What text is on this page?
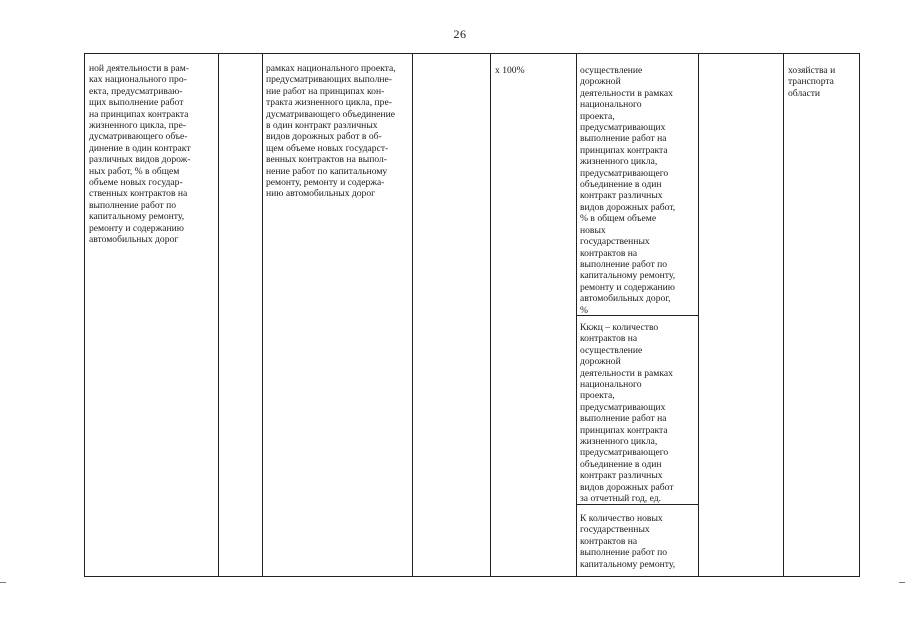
26
ной деятельности в рам-
ках национального про-
екта, предусматриваю-
щих выполнение работ
на принципах контракта
жизненного цикла, пре-
дусматривающего объе-
динение в один контракт
различных видов дорож-
ных работ, % в общем
объеме новых государ-
ственных контрактов на
выполнение работ по
капитальному ремонту,
ремонту и содержанию
автомобильных дорог
рамках национального проекта,
предусматривающих выполне-
ние работ на принципах кон-
тракта жизненного цикла, пре-
дусматривающего объединение
в один контракт различных
видов дорожных работ в об-
щем объеме новых государст-
венных контрактов на выпол-
нение работ по капитальному
ремонту, ремонту и содержа-
нию автомобильных дорог
х 100%	осуществление
дорожной
деятельности в рамках
национального
проекта,
предусматривающих
выполнение работ на
принципах контракта
жизненного цикла,
предусматривающего
объединение в один
контракт различных
видов дорожных работ,
% в общем объеме
новых
государственных
контрактов на
выполнение работ по
капитальному ремонту,
ремонту и содержанию
автомобильных дорог,
%
Ккжц – количество
контрактов на
осуществление
дорожной
деятельности в рамках
национального
проекта,
предусматривающих
выполнение работ на
принципах контракта
жизненного цикла,
предусматривающего
объединение в один
контракт различных
видов дорожных работ
за отчетный год, ед.
К количество новых
государственных
контрактов на
выполнение работ по
капитальному ремонту,
хозяйства и
транспорта
области
